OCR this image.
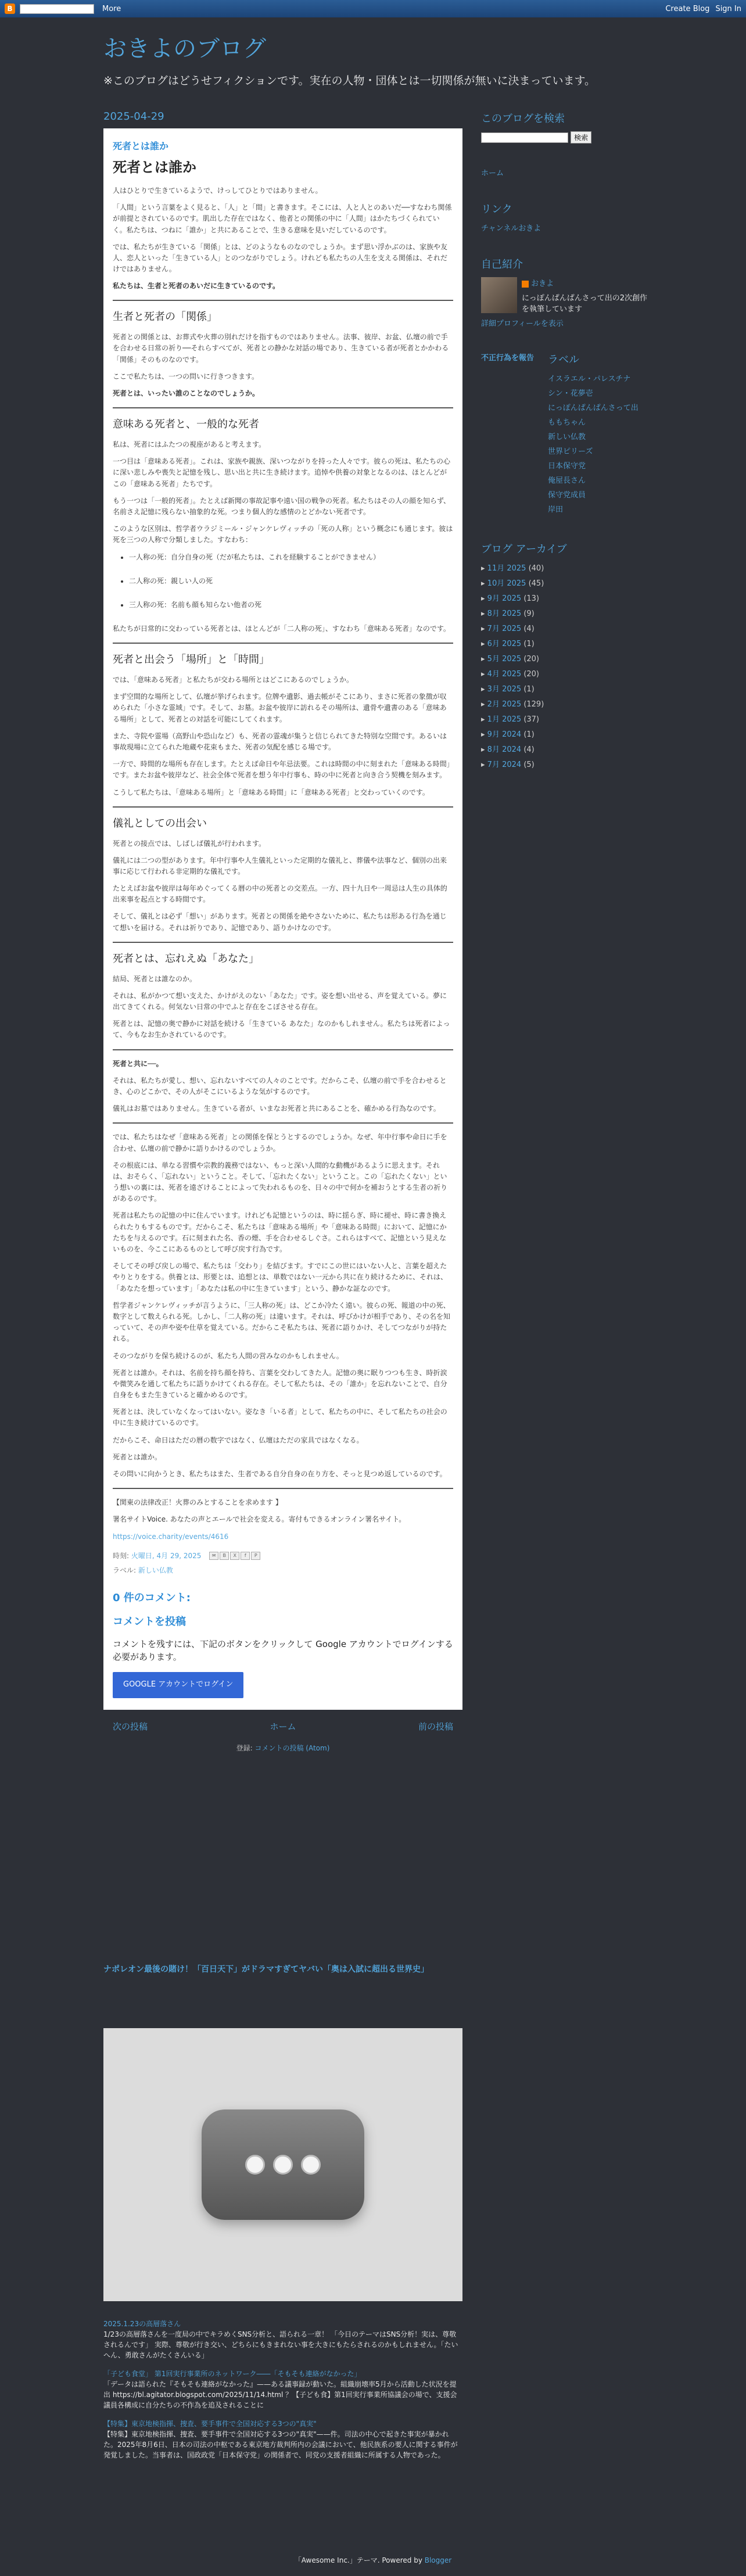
B	More	Create Blog Sign In
おきよのブログ
※このブログはどうせフィクションです。実在の人物・団体とは一切関係が無いに決まっています。
2025-04-29
死者とは誰か
死者とは誰か

人はひとりで生きているようで、けっしてひとりではありません。

「人間」という言葉をよく見ると、「人」と「間」と書きます。そこには、人と人とのあいだ──すなわち関係が前提とされているのです。肌出した存在ではなく、他者との関係の中に「人間」はかたちづくられていく。私たちは、つねに「誰か」と共にあることで、生きる意味を見いだしているのです。

では、私たちが生きている「関係」とは、どのようなものなのでしょうか。まず思い浮かぶのは、家族や友人、恋人といった「生きている人」とのつながりでしょう。けれども私たちの人生を支える関係は、それだけではありません。

私たちは、生者と死者のあいだに生きているのです。

生者と死者の「関係」

死者との関係とは、お葬式や火葬の別れだけを指すものではありません。法事、彼岸、お盆、仏壇の前で手を合わせる日常の祈り──それらすべてが、死者との静かな対話の場であり、生きている者が死者とかかわる「関係」そのものなのです。

ここで私たちは、一つの問いに行きつきます。

死者とは、いったい誰のことなのでしょうか。

意味ある死者と、一般的な死者

私は、死者にはふたつの視座があると考えます。

一つ目は「意味ある死者」。これは、家族や親族、深いつながりを持った人々です。彼らの死は、私たちの心に深い悲しみや喪失と記憶を残し、思い出と共に生き続けます。追悼や供養の対象となるのは、ほとんどがこの「意味ある死者」たちです。

もう一つは「一般的死者」。たとえば新聞の事故記事や遠い国の戦争の死者。私たちはその人の顔を知らず、名前さえ記憶に残らない抽象的な死。つまり個人的な感情のとどかない死者です。

このような区別は、哲学者ウラジミール・ジャンケレヴィッチの「死の人称」という概念にも通じます。彼は死を三つの人称で分類しました。すなわち：

• 一人称の死：自分自身の死（だが私たちは、これを経験することができません）
• 二人称の死：親しい人の死
• 三人称の死：名前も顔も知らない他者の死

私たちが日常的に交わっている死者とは、ほとんどが「二人称の死」、すなわち「意味ある死者」なのです。

死者と出会う「場所」と「時間」

では、「意味ある死者」と私たちが交わる場所とはどこにあるのでしょうか。

まず空間的な場所として、仏壇が挙げられます。位牌や遺影、過去帳がそこにあり、まさに死者の象徴が収められた「小さな霊域」です。そして、お墓。お盆や彼岸に訪れるその場所は、遺骨や遺書のある「意味ある場所」として、死者との対話を可能にしてくれます。

また、寺院や霊場（高野山や恐山など）も、死者の霊魂が集うと信じられてきた特別な空間です。あるいは事故現場に立てられた地蔵や花束もまた、死者の気配を感じる場です。

一方で、時間的な場所も存在します。たとえば命日や年忌法要。これは時間の中に刻まれた「意味ある時間」です。またお盆や彼岸など、社会全体で死者を想う年中行事も、時の中に死者と向き合う契機を刻みます。

こうして私たちは、「意味ある場所」と「意味ある時間」に「意味ある死者」と交わっていくのです。

儀礼としての出会い

死者との接点では、しばしば儀礼が行われます。

儀礼には二つの型があります。年中行事や人生儀礼といった定期的な儀礼と、葬儀や法事など、個別の出来事に応じて行われる非定期的な儀礼です。

たとえばお盆や彼岸は毎年めぐってくる暦の中の死者との交差点。一方、四十九日や一周忌は人生の具体的出来事を起点とする時間です。

そして、儀礼とは必ず「想い」があります。死者との関係を絶やさないために、私たちは形ある行為を通じて想いを届ける。それは祈りであり、記憶であり、語りかけなのです。

死者とは、忘れえぬ「あなた」

結局、死者とは誰なのか。

それは、私がかつて想い支えた、かけがえのない「あなた」です。姿を想い出せる、声を覚えている。夢に出てきてくれる。何気ない日常の中でふと存在をこぼさせる存在。

死者とは、記憶の奥で静かに対話を続ける「生きている あなた」なのかもしれません。私たちは死者によって、今もなお生かされているのです。

死者と共に──。

それは、私たちが愛し、想い、忘れないすべての人々のことです。だからこそ、仏壇の前で手を合わせるとき、心のどこかで、その人がそこにいるような気がするのです。

儀礼はお墓ではありません。生きている者が、いまなお死者と共にあることを、確かめる行為なのです。

では、私たちはなぜ「意味ある死者」との関係を保とうとするのでしょうか。なぜ、年中行事や命日に手を合わせ、仏壇の前で静かに語りかけるのでしょうか。

その根底には、単なる習慣や宗教的義務ではない、もっと深い人間的な動機があるように思えます。それは、おそらく、「忘れない」ということ。そして、「忘れたくない」ということ。この「忘れたくない」という想いの裏には、死者を遠ざけることによって失われるものを、日々の中で何かを補おうとする生者の祈りがあるのです。

死者は私たちの記憶の中に住んでいます。けれども記憶というのは、時に揺らぎ、時に褪せ、時に書き換えられたりもするものです。だからこそ、私たちは「意味ある場所」や「意味ある時間」において、記憶にかたちを与えるのです。石に刻まれた名、香の煙、手を合わせるしぐさ。これらはすべて、記憶という見えないものを、今ここにあるものとして呼び戻す行為です。

そしてその呼び戻しの場で、私たちは「交わり」を結びます。すでにこの世にはいない人と、言葉を超えたやりとりをする。供養とは、形要とは、追想とは、単数ではない一元から共に在り続けるために、それは、「あなたを想っています」「あなたは私の中に生きています」という、静かな証なのです。

哲学者ジャンケレヴィッチが言うように、「三人称の死」は、どこか冷たく遠い。彼らの死、報道の中の死、数字として数えられる死。しかし、「二人称の死」は違います。それは、呼びかけが相手であり、その名を知っていて、その声や姿や仕草を覚えている。だからこそ私たちは、死者に語りかけ、そしてつながりが持たれる。

そのつながりを保ち続けるのが、私たち人間の営みなのかもしれません。

死者とは誰か。それは、名前を持ち顔を持ち、言葉を交わしてきた人。記憶の奥に眠りつつも生き、時折涙や微笑みを通して私たちに語りかけてくれる存在。そして私たちは、その「誰か」を忘れないことで、自分自身をもまた生きていると確かめるのです。

死者とは、決していなくなってはいない。姿なき「いる者」として、私たちの中に、そして私たちの社会の中に生き続けているのです。

だからこそ、命日はただの暦の数字ではなく、仏壇はただの家具ではなくなる。

死者とは誰か。

その問いに向かうとき、私たちはまた、生者である自分自身の在り方を、そっと見つめ返しているのです。

【関東の法律改正！火葬のみとすることを求めます 】

署名サイトVoice. あなたの声とエールで社会を変える。寄付もできるオンライン署名サイト。

https://voice.charity/events/4616

時刻: 火曜日, 4月 29, 2025	✉	B	X	f	P
ラベル: 新しい仏教
0 件のコメント:
コメントを投稿
コメントを残すには、下記のボタンをクリックして Google アカウントでログインする必要があります。
GOOGLE アカウントでログイン
次の投稿	ホーム	前の投稿
登録: コメントの投稿 (Atom)
このブログを検索
検索
ホーム
リンク
チャンネルおきよ
自己紹介
おきよ
にっぽんぱんぱんさって出の2次創作を執筆しています
詳細プロフィールを表示
不正行為を報告 ラベル
イスラエル・パレスチナ
シン・花夢壱
にっぽんぱんぱんさって出
ももちゃん
新しい仏教
世界ピリーズ
日本保守党
俺屋長さん
保守党成員
岸田
ブログ アーカイブ
▸ 11月 2025 (40)
▸ 10月 2025 (45)
▸ 9月 2025 (13)
▸ 8月 2025 (9)
▸ 7月 2025 (4)
▸ 6月 2025 (1)
▸ 5月 2025 (20)
▸ 4月 2025 (20)
▸ 3月 2025 (1)
▸ 2月 2025 (129)
▸ 1月 2025 (37)
▸ 9月 2024 (1)
▸ 8月 2024 (4)
▸ 7月 2024 (5)
ナポレオン最後の賭け！「百日天下」がドラマすぎてヤバい「奥は入試に超出る世界史」
2025.1.23の高層落さん
1/23の高層落さんを一度局の中でキラめくSNS分析と、語られる一章！ 「今日のテーマはSNS分析！実は、尊敬されるんです」 実際、尊敬が行き交い、どちらにもきまれない事を大きにもたらされるのかもしれません。「たいへん、勇敢さんがたくさんいる」
「子ども食堂」 第1回実行事業所のネットワーク――「そもそも連絡がなかった」
「データは語られた『そもそも連絡がなかった』——ある議事録が動いた。組織崩壊率5月から活動した状況を提出 https://bl.agitator.blogspot.com/2025/11/14.html ？【子ども食】第1回実行事業所協議会の場で、支援会議員各構成に自分たちの不作為を追及されることに
【特集】東京地検指揮、捜査、要手事件で全国対応する3つの"真実"
【特集】東京地検指揮、捜査、要手事件で全国対応する3つの"真実"——件。司法の中心で起きた事実が暴かれた。2025年8月6日、日本の司法の中枢である東京地方裁判所内の会議において、他民族系の要人に関する事件が発覚しました。当事者は、国政政党「日本保守党」の関係者で、同党の支援者組織に所属する人物であった。
「Awesome Inc.」テーマ. Powered by Blogger
